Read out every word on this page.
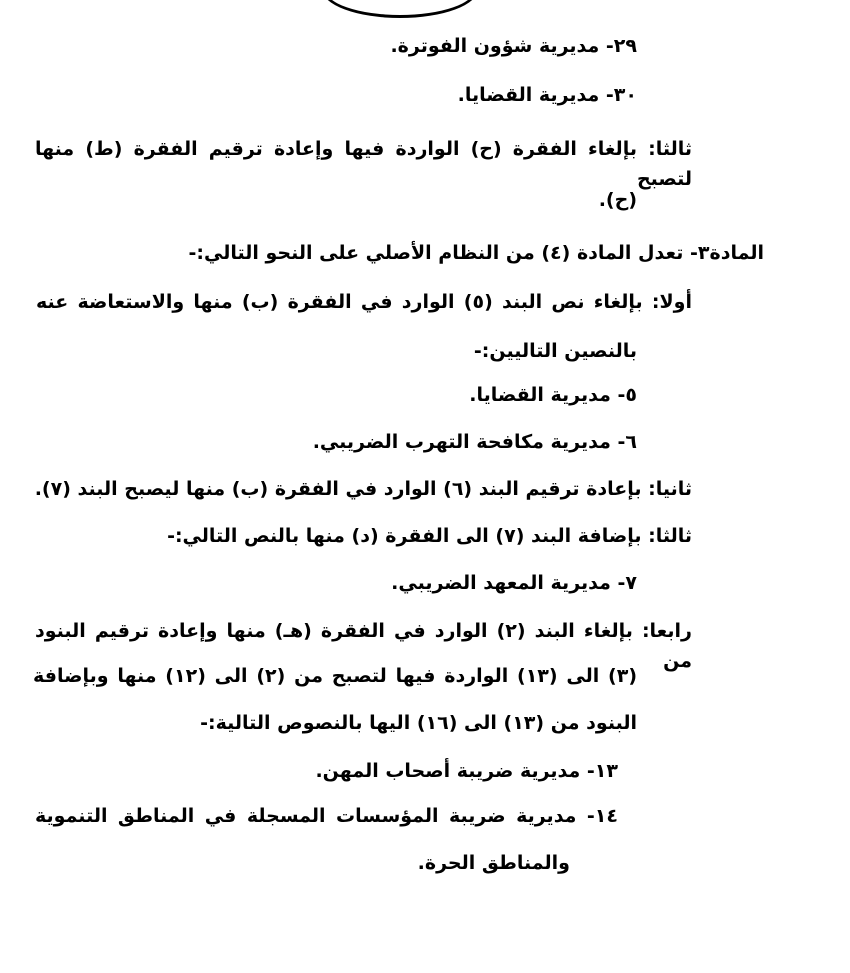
٢٩- مديرية شؤون الفوترة.
٣٠- مديرية القضايا.
ثالثا: بإلغاء الفقرة (ح) الواردة فيها وإعادة ترقيم الفقرة (ط) منها لتصبح
(ح).
المادة٣- تعدل المادة (٤) من النظام الأصلي على النحو التالي:-
أولا: بإلغاء نص البند (٥) الوارد في الفقرة (ب) منها والاستعاضة عنه
بالنصين التاليين:-
٥- مديرية القضايا.
٦- مديرية مكافحة التهرب الضريبي.
ثانيا: بإعادة ترقيم البند (٦) الوارد في الفقرة (ب) منها ليصبح البند (٧).
ثالثا: بإضافة البند (٧) الى الفقرة (د) منها بالنص التالي:-
٧- مديرية المعهد الضريبي.
رابعا: بإلغاء البند (٢) الوارد في الفقرة (هـ) منها وإعادة ترقيم البنود من
(٣) الى (١٣) الواردة فيها لتصبح من (٢) الى (١٢) منها وبإضافة
البنود من (١٣) الى (١٦) اليها بالنصوص التالية:-
١٣- مديرية ضريبة أصحاب المهن.
١٤- مديرية ضريبة المؤسسات المسجلة في المناطق التنموية
والمناطق الحرة.
